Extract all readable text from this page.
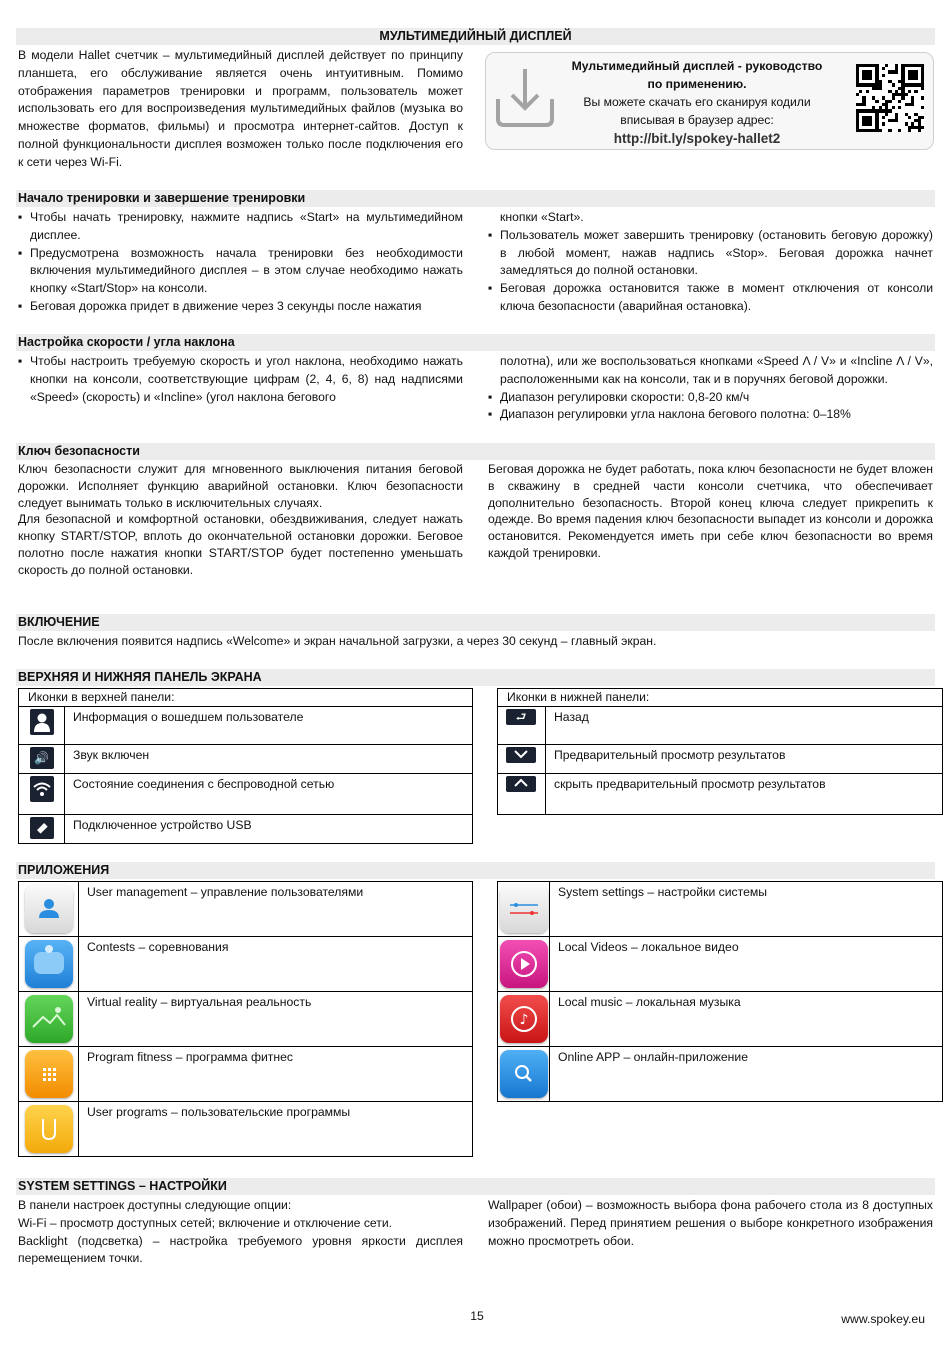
МУЛЬТИМЕДИЙНЫЙ ДИСПЛЕЙ
В модели Hallet счетчик – мультимедийный дисплей действует по принципу планшета, его обслуживание является очень интуитивным. Помимо отображения параметров тренировки и программ, пользователь может использовать его для воспроизведения мультимедийных файлов (музыка во множестве форматов, фильмы) и просмотра интернет-сайтов. Доступ к полной функциональности дисплея возможен только после подключения его к сети через Wi-Fi.
Мультимедийный дисплей - руководство
по применению.
Вы можете скачать его сканируя кодили
вписывая в браузер адрес:
http://bit.ly/spokey-hallet2
Начало тренировки и завершение тренировки
▪ Чтобы начать тренировку, нажмите надпись «Start» на мультимедийном дисплее.
▪ Предусмотрена возможность начала тренировки без необходимости включения мультимедийного дисплея – в этом случае необходимо нажать кнопку «Start/Stop» на консоли.
▪ Беговая дорожка придет в движение через 3 секунды после нажатия
кнопки «Start».
▪ Пользователь может завершить тренировку (остановить беговую дорожку) в любой момент, нажав надпись «Stop». Беговая дорожка начнет замедляться до полной остановки.
▪ Беговая дорожка остановится также в момент отключения от консоли ключа безопасности (аварийная остановка).
Настройка скорости / угла наклона
▪ Чтобы настроить требуемую скорость и угол наклона, необходимо нажать кнопки на консоли, соответствующие цифрам (2, 4, 6, 8) над надписями «Speed» (скорость) и «Incline» (угол наклона бегового
полотна), или же воспользоваться кнопками «Speed Λ / V» и «Incline Λ / V», расположенными как на консоли, так и в поручнях беговой дорожки.
▪ Диапазон регулировки скорости: 0,8-20 км/ч
▪ Диапазон регулировки угла наклона бегового полотна: 0–18%
Ключ безопасности

Ключ безопасности служит для мгновенного выключения питания беговой дорожки. Исполняет функцию аварийной остановки. Ключ безопасности следует вынимать только в исключительных случаях.

Для безопасной и комфортной остановки, обездвиживания, следует нажать кнопку START/STOP, вплоть до окончательной остановки дорожки. Беговое полотно после нажатия кнопки START/STOP будет постепенно уменьшать скорость до полной остановки.

Беговая дорожка не будет работать, пока ключ безопасности не будет вложен в скважину в средней части консоли счетчика, что обеспечивает дополнительно безопасность. Второй конец ключа следует прикрепить к одежде. Во время падения ключ безопасности выпадет из консоли и дорожка остановится. Рекомендуется иметь при себе ключ безопасности во время каждой тренировки.

ВКЛЮЧЕНИЕ
После включения появится надпись «Welcome» и экран начальной загрузки, а через 30 секунд – главный экран.
ВЕРХНЯЯ И НИЖНЯЯ ПАНЕЛЬ ЭКРАНА
Иконки в верхней панели:	
	Информация о вошедшем пользователе
🔊	Звук включен
	Состояние соединения с беспроводной сетью
	Подключенное устройство USB
Иконки в нижней панели:	
⮐	Назад
	Предварительный просмотр результатов
	скрыть предварительный просмотр результатов
ПРИЛОЖЕНИЯ
	User management – управление пользователями
	Contests – соревнования
	Virtual reality – виртуальная реальность
	Program fitness – программа фитнес
	User programs – пользовательские программы
	System settings – настройки системы
	Local Videos – локальное видео

♪	Local music – локальная музыка
	Online APP – онлайн-приложение
SYSTEM SETTINGS – НАСТРОЙКИ

В панели настроек доступны следующие опции:

Wi-Fi – просмотр доступных сетей; включение и отключение сети.

Backlight (подсветка) – настройка требуемого уровня яркости дисплея перемещением точки.

Wallpaper (обои) – возможность выбора фона рабочего стола из 8 доступных изображений. Перед принятием решения о выборе конкретного изображения можно просмотреть обои.

15	www.spokey.eu
